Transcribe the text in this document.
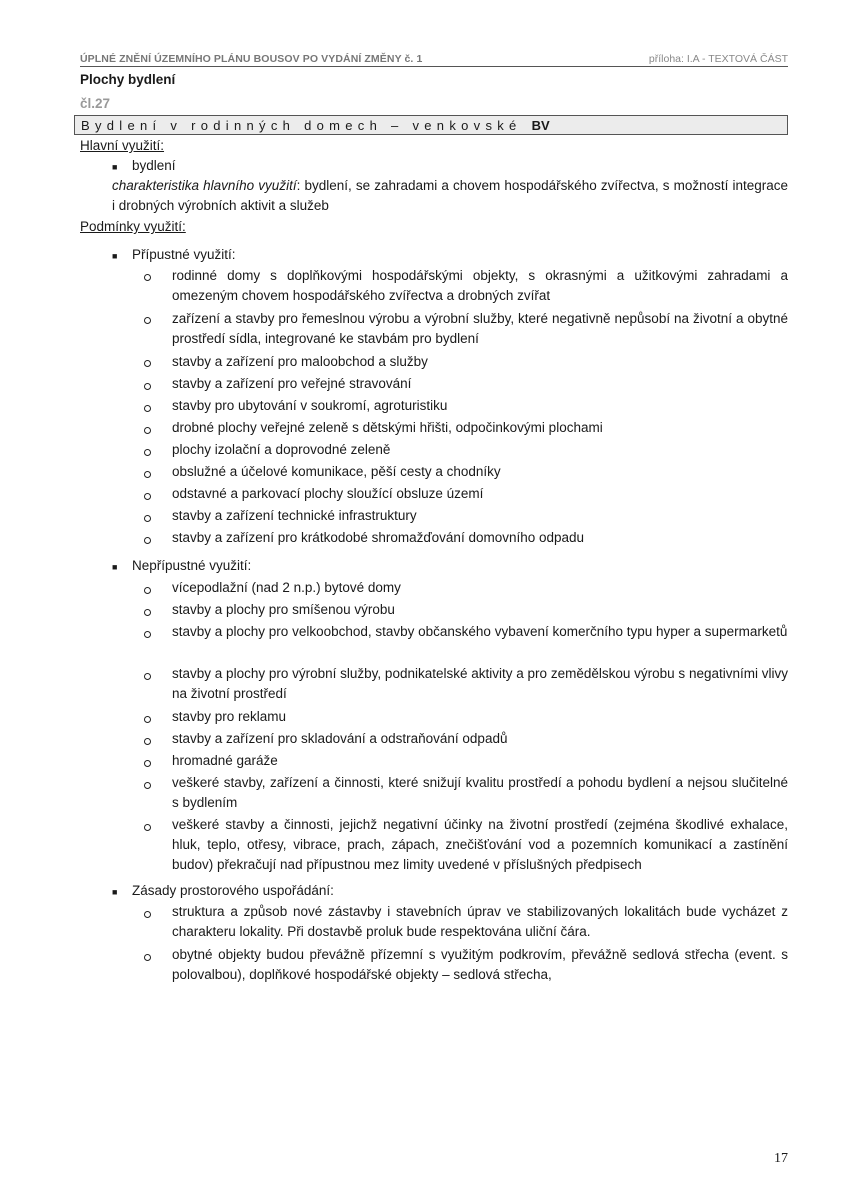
ÚPLNÉ ZNĚNÍ ÚZEMNÍHO PLÁNU BOUSOV PO VYDÁNÍ ZMĚNY č. 1	příloha: I.A - TEXTOVÁ ČÁST
Plochy bydlení
čl.27
Bydlení v rodinných domech – venkovské BV
Hlavní využití:
■ bydlení
charakteristika hlavního využití: bydlení, se zahradami a chovem hospodářského zvířectva, s možností integrace i drobných výrobních aktivit a služeb
Podmínky využití:
■ Přípustné využití:
rodinné domy s doplňkovými hospodářskými objekty, s okrasnými a užitkovými zahradami a omezeným chovem hospodářského zvířectva a drobných zvířat
zařízení a stavby pro řemeslnou výrobu a výrobní služby, které negativně nepůsobí na životní a obytné prostředí sídla, integrované ke stavbám pro bydlení
stavby a zařízení pro maloobchod a služby
stavby a zařízení pro veřejné stravování
stavby pro ubytování v soukromí, agroturistiku
drobné plochy veřejné zeleně s dětskými hřišti, odpočinkovými plochami
plochy izolační a doprovodné zeleně
obslužné a účelové komunikace, pěší cesty a chodníky
odstavné a parkovací plochy sloužící obsluze území
stavby a zařízení technické infrastruktury
stavby a zařízení pro krátkodobé shromažďování domovního odpadu
■ Nepřípustné využití:
vícepodlažní (nad 2 n.p.) bytové domy
stavby a plochy pro smíšenou výrobu
stavby a plochy pro velkoobchod, stavby občanského vybavení komerčního typu hyper a supermarketů
stavby a plochy pro výrobní služby, podnikatelské aktivity a pro zemědělskou výrobu s negativními vlivy na životní prostředí
stavby pro reklamu
stavby a zařízení pro skladování a odstraňování odpadů
hromadné garáže
veškeré stavby, zařízení a činnosti, které snižují kvalitu prostředí a pohodu bydlení a nejsou slučitelné s bydlením
veškeré stavby a činnosti, jejichž negativní účinky na životní prostředí (zejména škodlivé exhalace, hluk, teplo, otřesy, vibrace, prach, zápach, znečišťování vod a pozemních komunikací a zastínění budov) překračují nad přípustnou mez limity uvedené v příslušných předpisech
■ Zásady prostorového uspořádání:
struktura a způsob nové zástavby i stavebních úprav ve stabilizovaných lokalitách bude vycházet z charakteru lokality. Při dostavbě proluk bude respektována uliční čára.
obytné objekty budou převážně přízemní s využitým podkrovím, převážně sedlová střecha (event. s polovalbou), doplňkové hospodářské objekty – sedlová střecha,
17
